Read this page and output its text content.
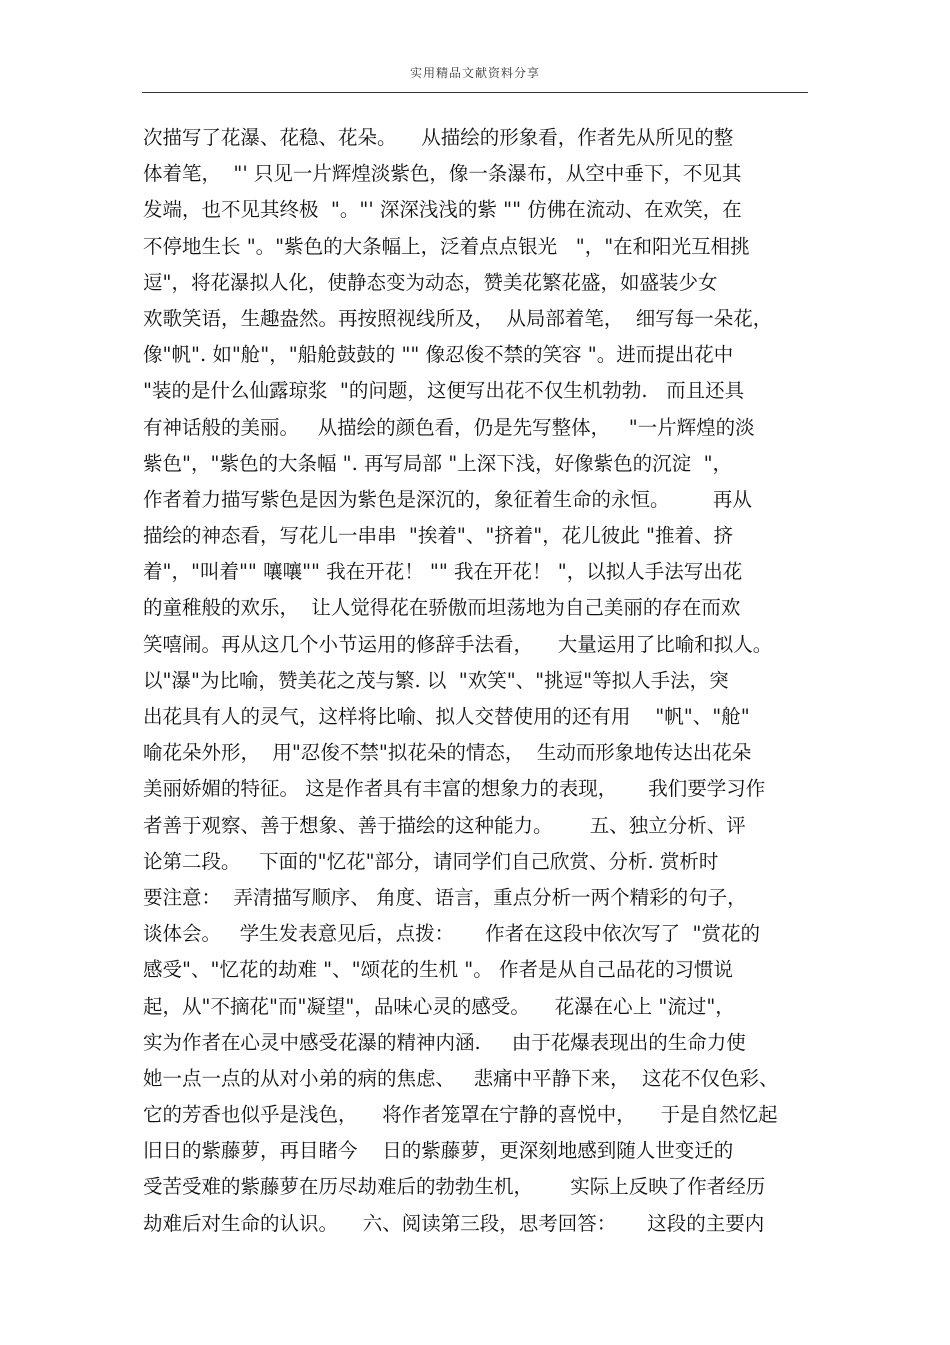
实用精品文献资料分享
次描写了花瀑、花稳、花朵。    从描绘的形象看，作者先从所见的整
体着笔，  "' 只见一片辉煌淡紫色，像一条瀑布，从空中垂下，不见其
发端，也不见其终极  "。"' 深深浅浅的紫 "" 仿佛在流动、在欢笑，在
不停地生长 "。"紫色的大条幅上，泛着点点银光   "，"在和阳光互相挑
逗"，将花瀑拟人化，使静态变为动态，赞美花繁花盛，如盛装少女
欢歌笑语，生趣盎然。再按照视线所及，  从局部着笔，  细写每一朵花，
像"帆". 如"舱"，"船舱鼓鼓的 "" 像忍俊不禁的笑容 "。进而提出花中
"装的是什么仙露琼浆  "的问题，这便写出花不仅生机勃勃.   而且还具
有神话般的美丽。   从描绘的颜色看，仍是先写整体，   "一片辉煌的淡
紫色"，"紫色的大条幅 ". 再写局部 "上深下浅，好像紫色的沉淀  "，
作者着力描写紫色是因为紫色是深沉的，象征着生命的永恒。       再从
描绘的神态看，写花儿一串串  "挨着"、"挤着"，花儿彼此 "推着、挤
着"，"叫着"" 嚷嚷"" 我在开花！ "" 我在开花！ "，以拟人手法写出花
的童稚般的欢乐，  让人觉得花在骄傲而坦荡地为自己美丽的存在而欢
笑嘻闹。再从这几个小节运用的修辞手法看，    大量运用了比喻和拟人。
以"瀑"为比喻，赞美花之茂与繁. 以  "欢笑"、"挑逗"等拟人手法，突
出花具有人的灵气，这样将比喻、拟人交替使用的还有用    "帆"、"舱"
喻花朵外形，  用"忍俊不禁"拟花朵的情态，  生动而形象地传达出花朵
美丽娇媚的特征。 这是作者具有丰富的想象力的表现，     我们要学习作
者善于观察、善于想象、善于描绘的这种能力。      五、独立分析、评
论第二段。   下面的"忆花"部分，请同学们自己欣赏、分析. 赏析时
要注意：  弄清描写顺序、 角度、语言，重点分析一两个精彩的句子，
谈体会。   学生发表意见后，点拨：     作者在这段中依次写了  "赏花的
感受"、"忆花的劫难 "、"颂花的生机 "。 作者是从自己品花的习惯说
起，从"不摘花"而"凝望"，品味心灵的感受。    花瀑在心上 "流过"，
实为作者在心灵中感受花瀑的精神内涵.     由于花爆表现出的生命力使
她一点一点的从对小弟的病的焦虑、   悲痛中平静下来，  这花不仅色彩、
它的芳香也似乎是浅色，    将作者笼罩在宁静的喜悦中，    于是自然忆起
旧日的紫藤萝，再目睹今    日的紫藤萝，更深刻地感到随人世变迁的
受苦受难的紫藤萝在历尽劫难后的勃勃生机，      实际上反映了作者经历
劫难后对生命的认识。    六、阅读第三段，思考回答：     这段的主要内
